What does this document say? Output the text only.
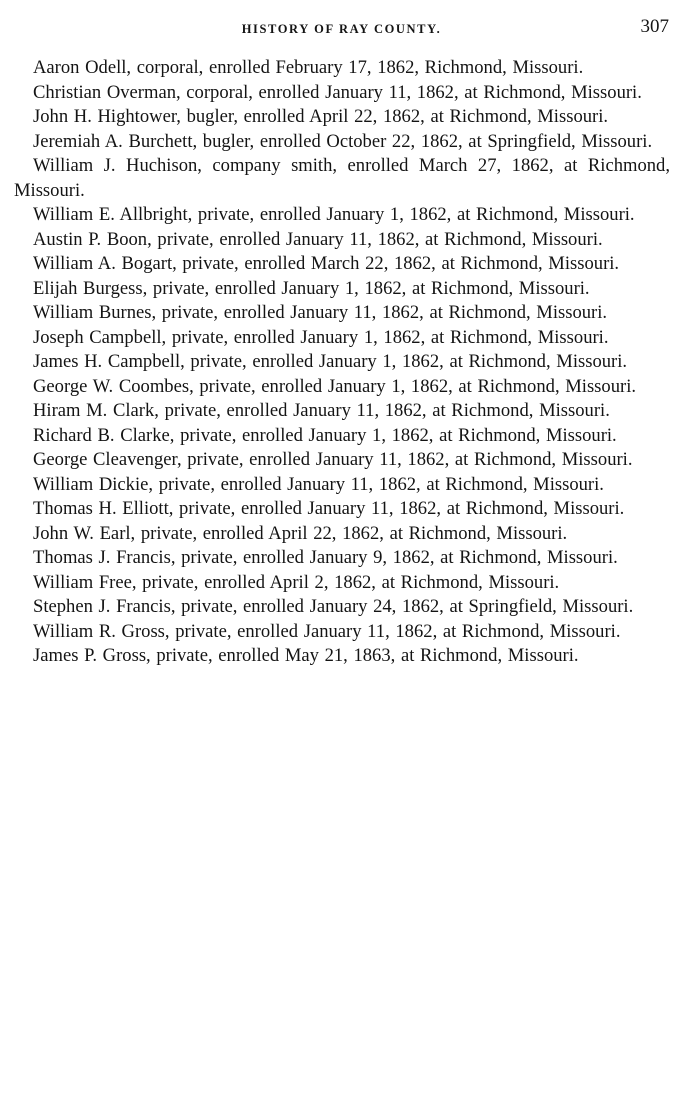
HISTORY OF RAY COUNTY.	307

Aaron Odell, corporal, enrolled February 17, 1862, Richmond, Missouri.

Christian Overman, corporal, enrolled January 11, 1862, at Richmond, Missouri.

John H. Hightower, bugler, enrolled April 22, 1862, at Richmond, Missouri.

Jeremiah A. Burchett, bugler, enrolled October 22, 1862, at Springfield, Missouri.

William J. Huchison, company smith, enrolled March 27, 1862, at Richmond, Missouri.

William E. Allbright, private, enrolled January 1, 1862, at Richmond, Missouri.

Austin P. Boon, private, enrolled January 11, 1862, at Richmond, Missouri.

William A. Bogart, private, enrolled March 22, 1862, at Richmond, Missouri.

Elijah Burgess, private, enrolled January 1, 1862, at Richmond, Missouri.

William Burnes, private, enrolled January 11, 1862, at Richmond, Missouri.

Joseph Campbell, private, enrolled January 1, 1862, at Richmond, Missouri.

James H. Campbell, private, enrolled January 1, 1862, at Richmond, Missouri.

George W. Coombes, private, enrolled January 1, 1862, at Richmond, Missouri.

Hiram M. Clark, private, enrolled January 11, 1862, at Richmond, Missouri.

Richard B. Clarke, private, enrolled January 1, 1862, at Richmond, Missouri.

George Cleavenger, private, enrolled January 11, 1862, at Richmond, Missouri.

William Dickie, private, enrolled January 11, 1862, at Richmond, Missouri.

Thomas H. Elliott, private, enrolled January 11, 1862, at Richmond, Missouri.

John W. Earl, private, enrolled April 22, 1862, at Richmond, Missouri.

Thomas J. Francis, private, enrolled January 9, 1862, at Richmond, Missouri.

William Free, private, enrolled April 2, 1862, at Richmond, Missouri.

Stephen J. Francis, private, enrolled January 24, 1862, at Springfield, Missouri.

William R. Gross, private, enrolled January 11, 1862, at Richmond, Missouri.

James P. Gross, private, enrolled May 21, 1863, at Richmond, Missouri.
